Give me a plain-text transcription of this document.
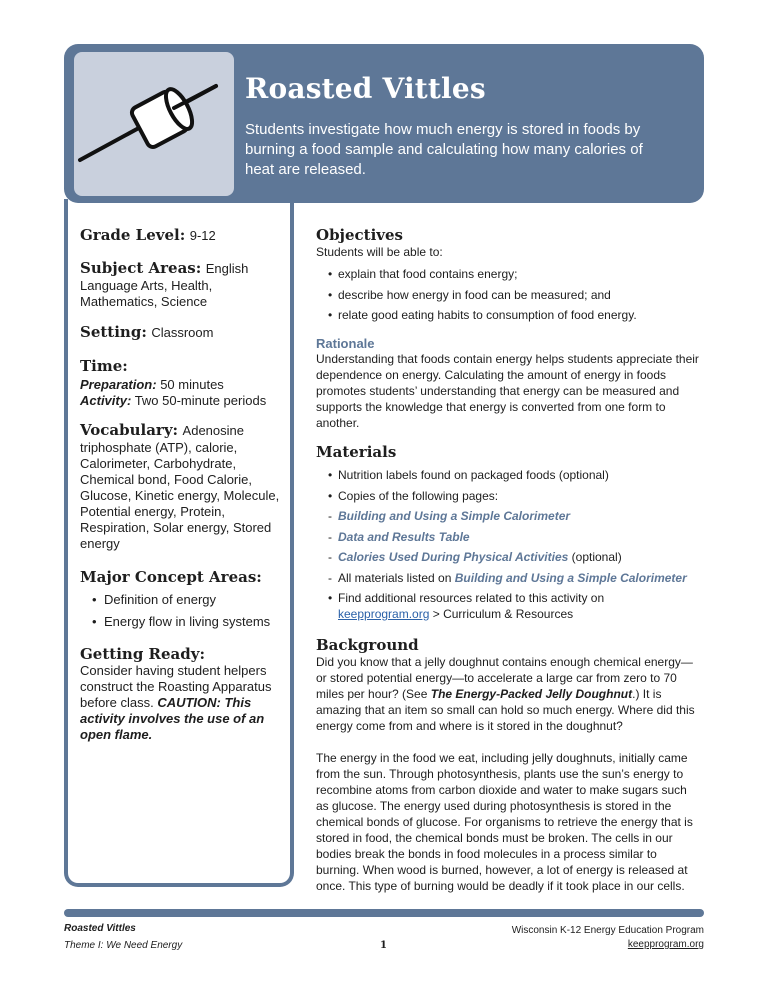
Roasted Vittles

Students investigate how much energy is stored in foods by burning a food sample and calculating how many calories of heat are released.

Grade Level: 9-12
Subject Areas: English
Language Arts, Health, Mathematics, Science
Setting: Classroom
Time:
Preparation: 50 minutes
Activity: Two 50-minute periods
Vocabulary: Adenosine
triphosphate (ATP), calorie, Calorimeter, Carbohydrate, Chemical bond, Food Calorie, Glucose, Kinetic energy, Molecule, Potential energy, Protein, Respiration, Solar energy, Stored energy
Major Concept Areas:
• Definition of energy
• Energy flow in living systems
Getting Ready:
Consider having student helpers construct the Roasting Apparatus before class. CAUTION: This activity involves the use of an open flame.
Objectives
Students will be able to:
• explain that food contains energy;
• describe how energy in food can be measured; and
• relate good eating habits to consumption of food energy.
Rationale
Understanding that foods contain energy helps students appreciate their dependence on energy. Calculating the amount of energy in foods promotes students’ understanding that energy can be measured and supports the knowledge that energy is converted from one form to another.
Materials
• Nutrition labels found on packaged foods (optional)
• Copies of the following pages:
- Building and Using a Simple Calorimeter
- Data and Results Table
- Calories Used During Physical Activities (optional)
- All materials listed on Building and Using a Simple Calorimeter
• Find additional resources related to this activity on
keepprogram.org > Curriculum & Resources
Background
Did you know that a jelly doughnut contains enough chemical energy—or stored potential energy—to accelerate a large car from zero to 70 miles per hour? (See The Energy-Packed Jelly Doughnut.) It is amazing that an item so small can hold so much energy. Where did this energy come from and where is it stored in the doughnut?
The energy in the food we eat, including jelly doughnuts, initially came from the sun. Through photosynthesis, plants use the sun’s energy to recombine atoms from carbon dioxide and water to make sugars such as glucose. The energy used during photosynthesis is stored in the chemical bonds of glucose. For organisms to retrieve the energy that is stored in food, the chemical bonds must be broken. The cells in our bodies break the bonds in food molecules in a process similar to burning. When wood is burned, however, a lot of energy is released at once. This type of burning would be deadly if it took place in our cells.
Roasted Vittles
Theme I: We Need Energy	1
Wisconsin K-12 Energy Education Program
keepprogram.org
